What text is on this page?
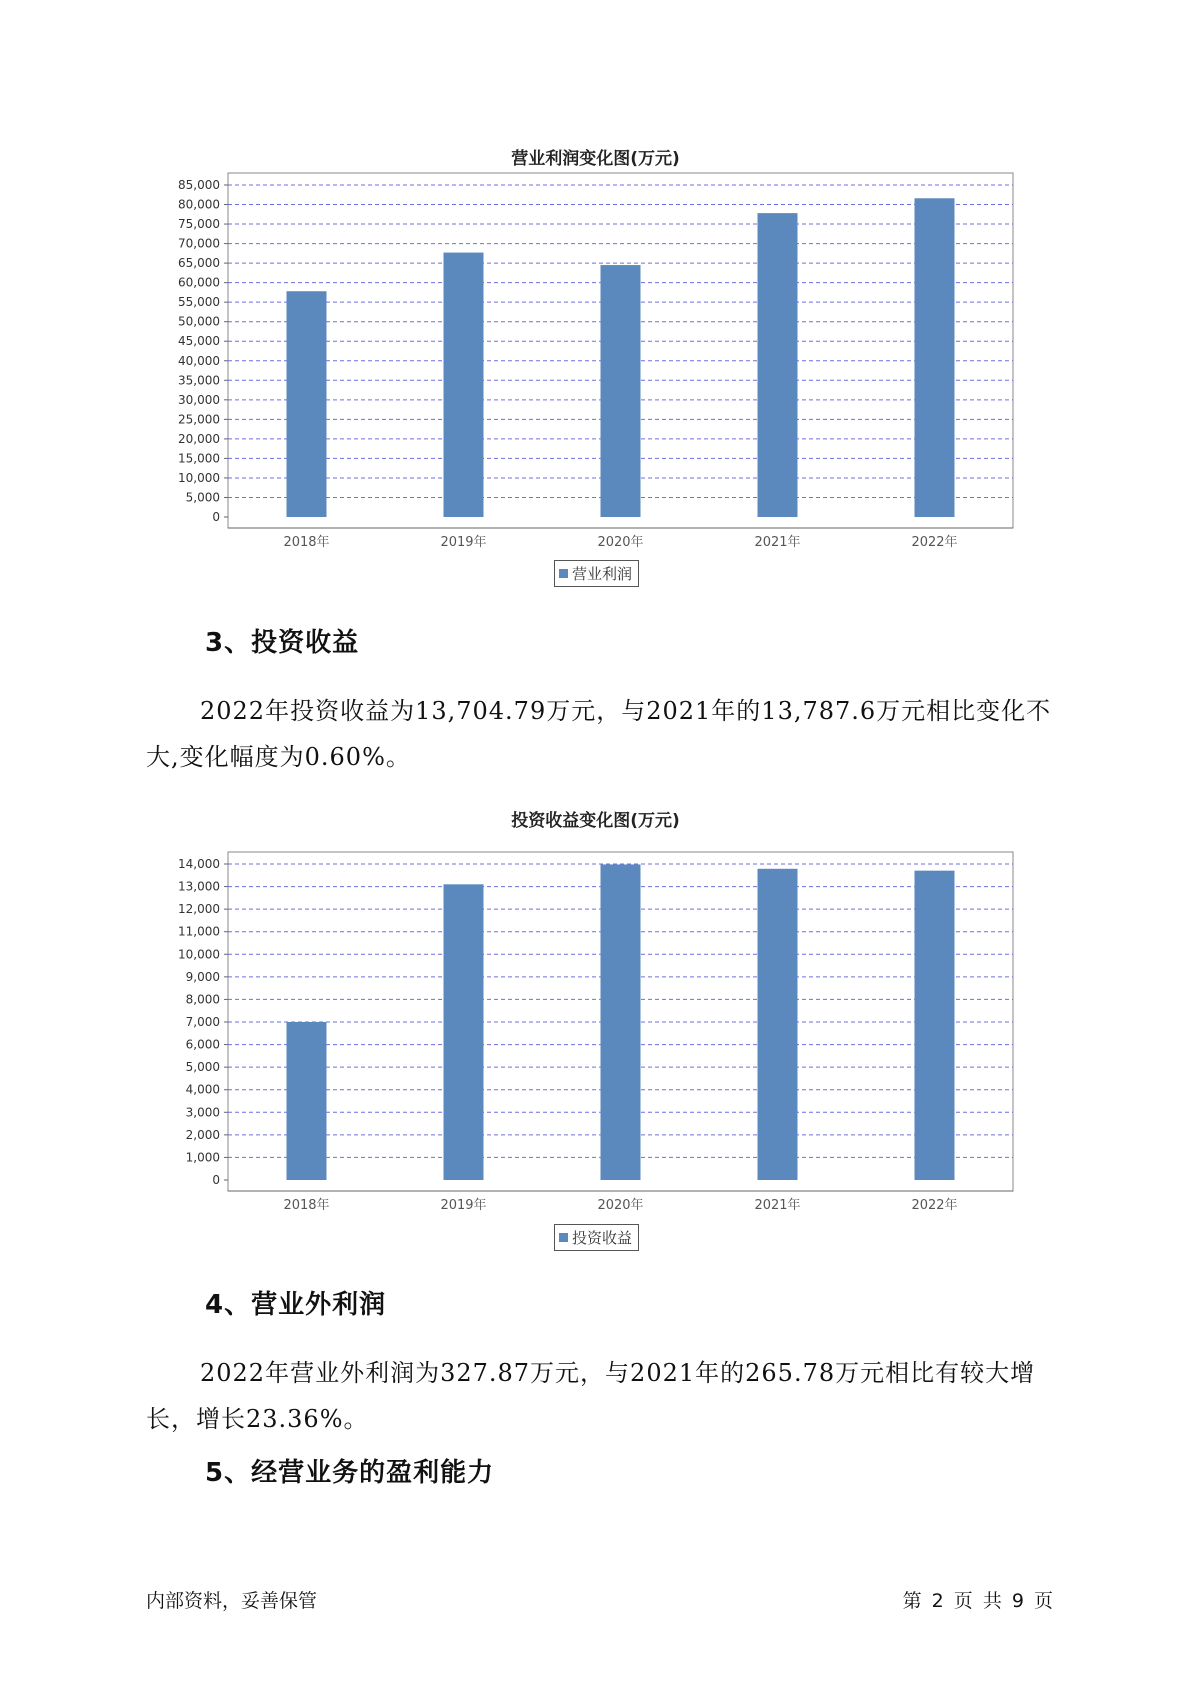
营业利润变化图(万元)
0
5,000
10,000
15,000
20,000
25,000
30,000
35,000
40,000
45,000
50,000
55,000
60,000
65,000
70,000
75,000
80,000
85,000
2018年	2019年	2020年	2021年	2022年
营业利润
3、投资收益

2022年投资收益为13,704.79万元，与2021年的13,787.6万元相比变化不大,变化幅度为0.60%。

投资收益变化图(万元)
0
1,000
2,000
3,000
4,000
5,000
6,000
7,000
8,000
9,000
10,000
11,000
12,000
13,000
14,000
2018年	2019年	2020年	2021年	2022年
投资收益
4、营业外利润

2022年营业外利润为327.87万元，与2021年的265.78万元相比有较大增长，增长23.36%。

5、经营业务的盈利能力
内部资料，妥善保管	第 2 页 共 9 页
